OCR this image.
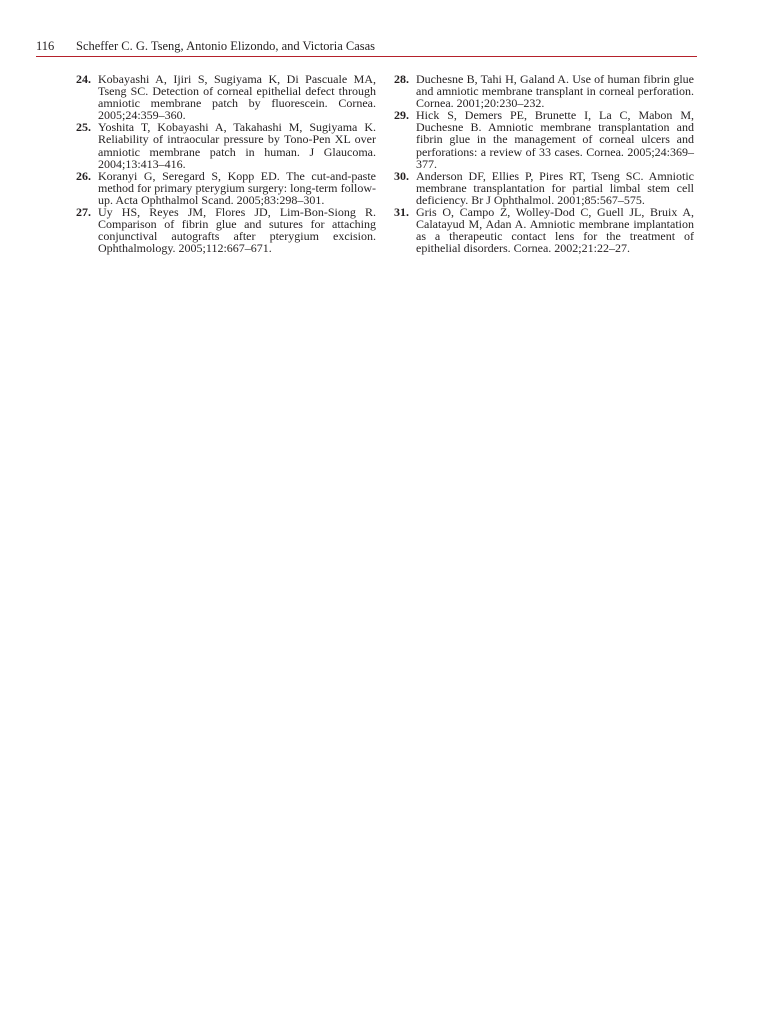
116 Scheffer C. G. Tseng, Antonio Elizondo, and Victoria Casas
24. Kobayashi A, Ijiri S, Sugiyama K, Di Pascuale MA, Tseng SC. Detection of corneal epithelial defect through amniotic membrane patch by fluorescein. Cornea. 2005;24:359–360.
25. Yoshita T, Kobayashi A, Takahashi M, Sugiyama K. Reliability of intraocular pressure by Tono-Pen XL over amniotic membrane patch in human. J Glaucoma. 2004;13:413–416.
26. Koranyi G, Seregard S, Kopp ED. The cut-and-paste method for primary pterygium surgery: long-term follow-up. Acta Ophthalmol Scand. 2005;83:298–301.
27. Uy HS, Reyes JM, Flores JD, Lim-Bon-Siong R. Comparison of fibrin glue and sutures for attaching conjunctival autografts after pterygium excision. Ophthalmology. 2005;112:667–671.
28. Duchesne B, Tahi H, Galand A. Use of human fibrin glue and amniotic membrane transplant in corneal perforation. Cornea. 2001;20:230–232.
29. Hick S, Demers PE, Brunette I, La C, Mabon M, Duchesne B. Amniotic membrane transplantation and fibrin glue in the management of corneal ulcers and perforations: a review of 33 cases. Cornea. 2005;24:369–377.
30. Anderson DF, Ellies P, Pires RT, Tseng SC. Amniotic membrane transplantation for partial limbal stem cell deficiency. Br J Ophthalmol. 2001;85:567–575.
31. Gris O, Campo Z, Wolley-Dod C, Guell JL, Bruix A, Calatayud M, Adan A. Amniotic membrane implantation as a therapeutic contact lens for the treatment of epithelial disorders. Cornea. 2002;21:22–27.
